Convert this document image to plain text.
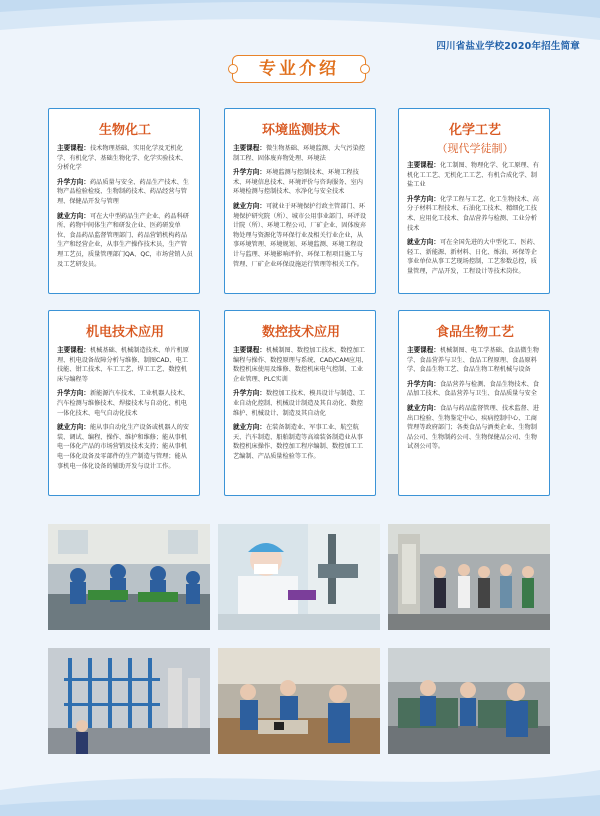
四川省盐业学校2020年招生简章
专业介绍
生物化工
主要课程：技术物理基础、实用化学及无机化学、有机化学、基础生物化学、化学实验技术、分析化学
升学方向：药品质量与安全、药品生产技术、生物产品检验检疫、生物制药技术、药品经营与管理、保健品开发与管理
就业方向：可在大中型药品生产企业、药品科研所、药物中间体生产和研发企业、医药研发单位、食品药品监督管理部门、药品营销机构药品生产和经营企业，从事生产操作技术员，生产管理工艺员，质量管理部门QA、QC，市场营销人员及工艺研发员。
环境监测技术
主要课程：微生物基础、环境监测、大气污染控制工程、固体废弃物处理、环境法
升学方向：环境监测与控制技术、环境工程技术、环境信息技术、环境评价与咨询服务、室内环境检测与控制技术、水净化与安全技术
就业方向：可就业于环境保护行政主管部门、环境保护研究院（所）、城市公用事业部门、环评设计院（所）、环境工程公司、厂矿企业、固体废弃物处理与资源化等环保行业及相关行业企业，从事环境管理、环境规划、环境监测、环境工程设计与监理、环境影响评价、环保工程项目施工与管理、厂矿企业环保设施运行管理等相关工作。
化学工艺
（现代学徒制）
主要课程：化工制图、物理化学、化工原理、有机化工工艺、无机化工工艺、有机合成化学、制盐工业
升学方向：化学工程与工艺、化工生物技术、高分子材料工程技术、石油化工技术、精细化工技术、应用化工技术、食品营养与检测、工业分析技术
就业方向：可在全国先进的大中型化工、医药、轻工、新能源、新材料、日化、炼油、环保等企事业单位从事工艺现场控制，工艺参数总控，质量管理，产品开发，工程设计等技术岗位。
机电技术应用
主要课程：机械基础、机械制造技术、单片机原理、机电设备故障分析与维修、制图CAD、电工技能、钳工技术、车工工艺、焊工工艺、数控机床与编程等
升学方向：新能源汽车技术、工业机器人技术、汽车检测与维修技术、焊接技术与自动化、机电一体化技术、电气自动化技术
就业方向：能从事自动化生产设备或机器人的安装、调试、编程、操作、维护和维修；能从事机电一体化产品的市场营销及技术支持；能从事机电一体化设备及零部件的生产制造与管理；能从事机电一体化设备的辅助开发与设计工作。
数控技术应用
主要课程：机械制图、数控加工技术、数控加工编程与操作、数控原理与系统、CAD/CAM应用、数控机床使用及维修、数控机床电气控制、工业企业管理、PLC实训
升学方向：数控加工技术、模具设计与制造、工业自动化控制、机械设计制造及其自动化、数控维护、机械设计、制造及其自动化
就业方向：在装备制造业、军事工业、航空航天、汽车制造、船舶制造等高端装备制造业从事数控机床操作、数控加工程序编制、数控加工工艺编制、产品质量检验等工作。
食品生物工艺
主要课程：机械制图、电工学基础、食品微生物学、食品营养与卫生、食品工程原理、食品原料学、食品生物工艺、食品生物工程机械与设备
升学方向：食品营养与检测、食品生物技术、食品加工技术、食品营养与卫生、食品质量与安全
就业方向：食品与药品监督管理、技术监督、进出口检验、生物鉴定中心、疾病控制中心、工商管理等政府部门；各类食品与酒类企业、生物制品公司、生物制药公司、生物保健品公司、生物试剂公司等。
